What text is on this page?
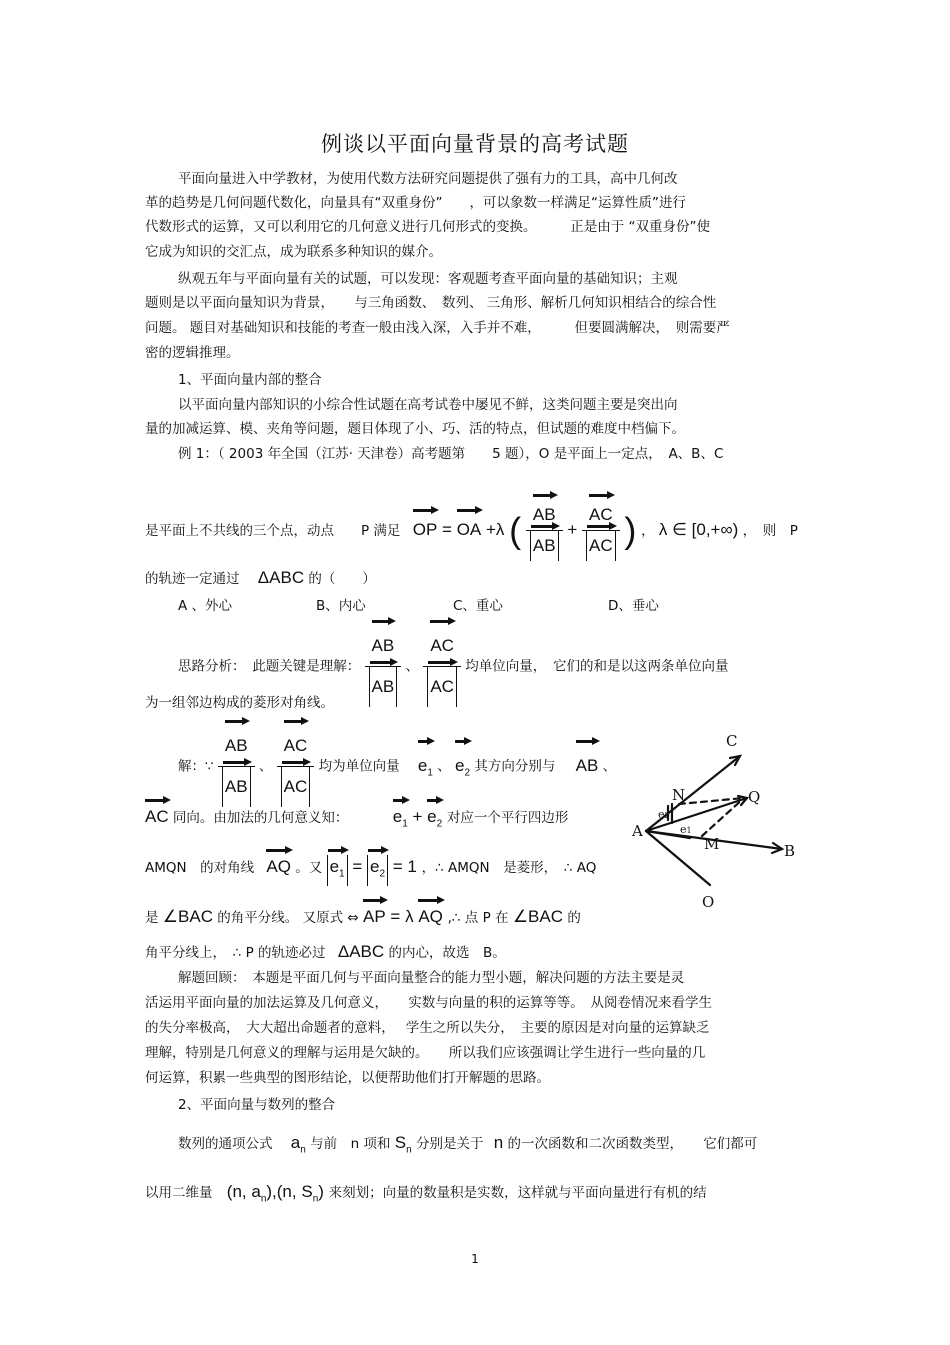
例谈以平面向量背景的高考试题
平面向量进入中学教材，为使用代数方法研究问题提供了强有力的工具，高中几何改
革的趋势是几何问题代数化，向量具有“双重身份”　　，可以象数一样满足“运算性质”进行
代数形式的运算，又可以利用它的几何意义进行几何形式的变换。　　　正是由于 “双重身份”使
它成为知识的交汇点，成为联系多种知识的媒介。
纵观五年与平面向量有关的试题，可以发现：客观题考查平面向量的基础知识；主观
题则是以平面向量知识为背景，　　与三角函数、　数列、 三角形、解析几何知识相结合的综合性
问题。 题目对基础知识和技能的考查一般由浅入深，入手并不难，　　　但要圆满解决，　则需要严
密的逻辑推理。
1、平面向量内部的整合
以平面向量内部知识的小综合性试题在高考试卷中屡见不鲜，这类问题主要是突出向
量的加减运算、模、夹角等问题，题目体现了小、巧、活的特点，但试题的难度中档偏下。
例 1：（ 2003 年全国（江苏· 天津卷）高考题第　　5 题），O 是平面上一定点，　A、B、C
是平面上不共线的三个点，动点　　P 满足 OP = OA +λ ( $\frac{AB}{AB} + \frac{AC}{AC}$ ) ， λ ∈ [0,+∞) ，　则　P
的轨迹一定通过 ΔABC 的（　　）
A 、外心	B、内心	C、重心	D、垂心
思路分析：　此题关键是理解： $\frac{AB}{AB}$ 、 $\frac{AC}{AC}$ 均单位向量，　它们的和是以这两条单位向量
为一组邻边构成的菱形对角线。
解：∵ $\frac{AB}{AB}$ 、 $\frac{AC}{AC}$ 均为单位向量 $e_1$ 、 $e_2$ 其方向分别与 AB 、
AC 同向。由加法的几何意义知：	$e_1 + e_2$ 对应一个平行四边形
AMQN　的对角线 AQ 。又 $e_1 = e_2 = 1$ ，∴ AMQN　是菱形，　∴ AQ
是 ∠BAC 的角平分线。 又原式 ⇔ AP = λ AQ ,∴ 点 P 在 ∠BAC 的
角平分线上，　∴ P 的轨迹必过 ΔABC 的内心，故选　B。
C
N	Q
A
M	B
O
e2
e1
解题回顾：　本题是平面几何与平面向量整合的能力型小题，解决问题的方法主要是灵
活运用平面向量的加法运算及几何意义，　　实数与向量的积的运算等等。　从阅卷情况来看学生
的失分率极高，　大大超出命题者的意料，　 学生之所以失分，　主要的原因是对向量的运算缺乏
理解，特别是几何意义的理解与运用是欠缺的。　　所以我们应该强调让学生进行一些向量的几
何运算，积累一些典型的图形结论，以便帮助他们打开解题的思路。
2、平面向量与数列的整合
数列的通项公式 $a_n$ 与前　n 项和 $S_n$ 分别是关于 n 的一次函数和二次函数类型，　　它们都可
以用二维量 (n, $a_n),(n$, $S_n$) 来刻划；向量的数量积是实数，这样就与平面向量进行有机的结
1
